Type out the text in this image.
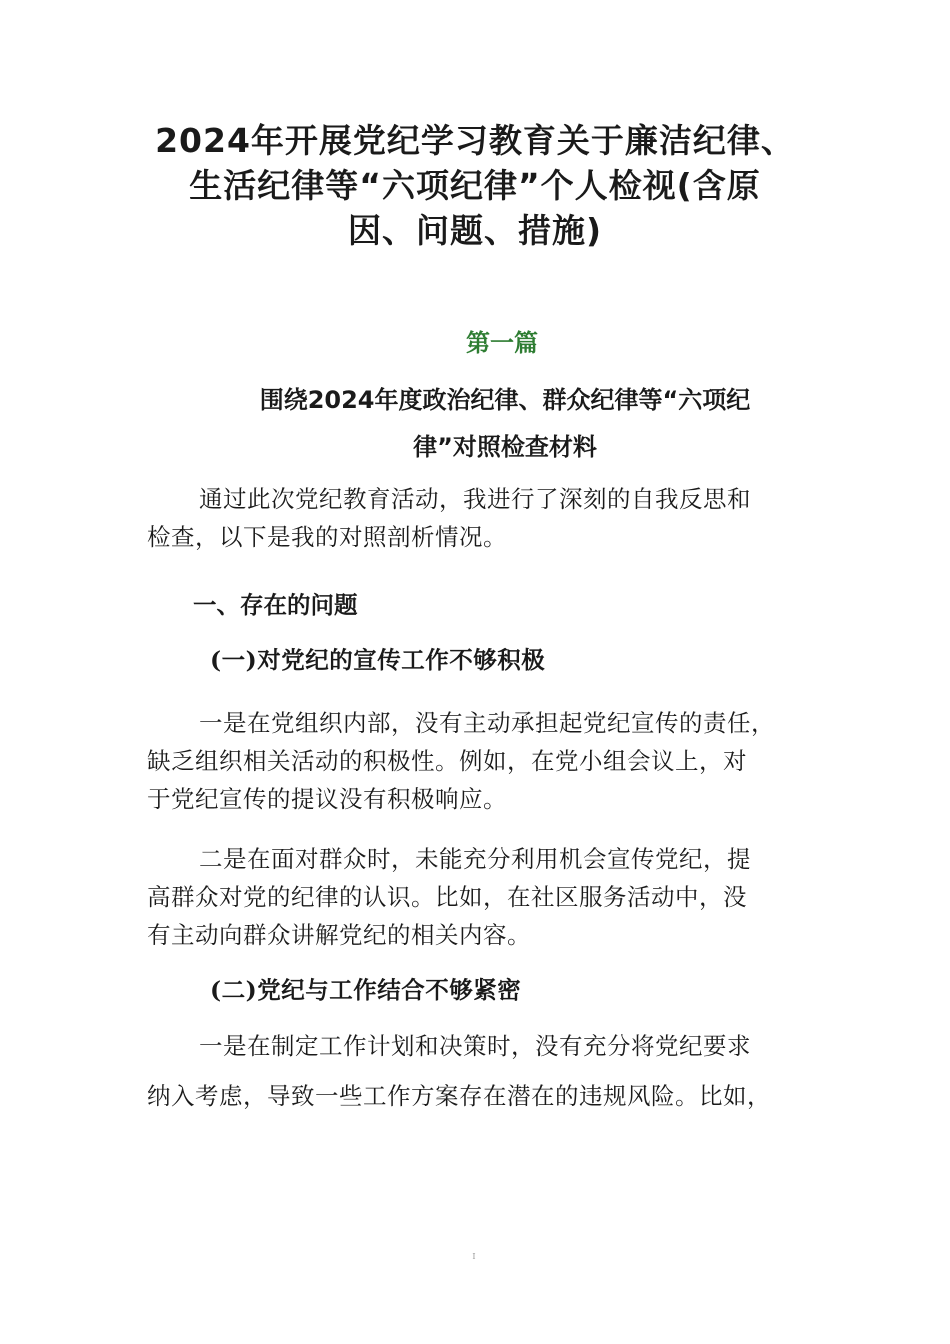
2024年开展党纪学习教育关于廉洁纪律、
生活纪律等“六项纪律”个人检视(含原
因、问题、措施)
第一篇
围绕2024年度政治纪律、群众纪律等“六项纪
律”对照检查材料

通过此次党纪教育活动，我进行了深刻的自我反思和
检查，以下是我的对照剖析情况。

一、存在的问题
(一)对党纪的宣传工作不够积极

一是在党组织内部，没有主动承担起党纪宣传的责任，
缺乏组织相关活动的积极性。例如，在党小组会议上，对
于党纪宣传的提议没有积极响应。

二是在面对群众时，未能充分利用机会宣传党纪，提
高群众对党的纪律的认识。比如，在社区服务活动中，没
有主动向群众讲解党纪的相关内容。

(二)党纪与工作结合不够紧密

一是在制定工作计划和决策时，没有充分将党纪要求
纳入考虑，导致一些工作方案存在潜在的违规风险。比如，

I
